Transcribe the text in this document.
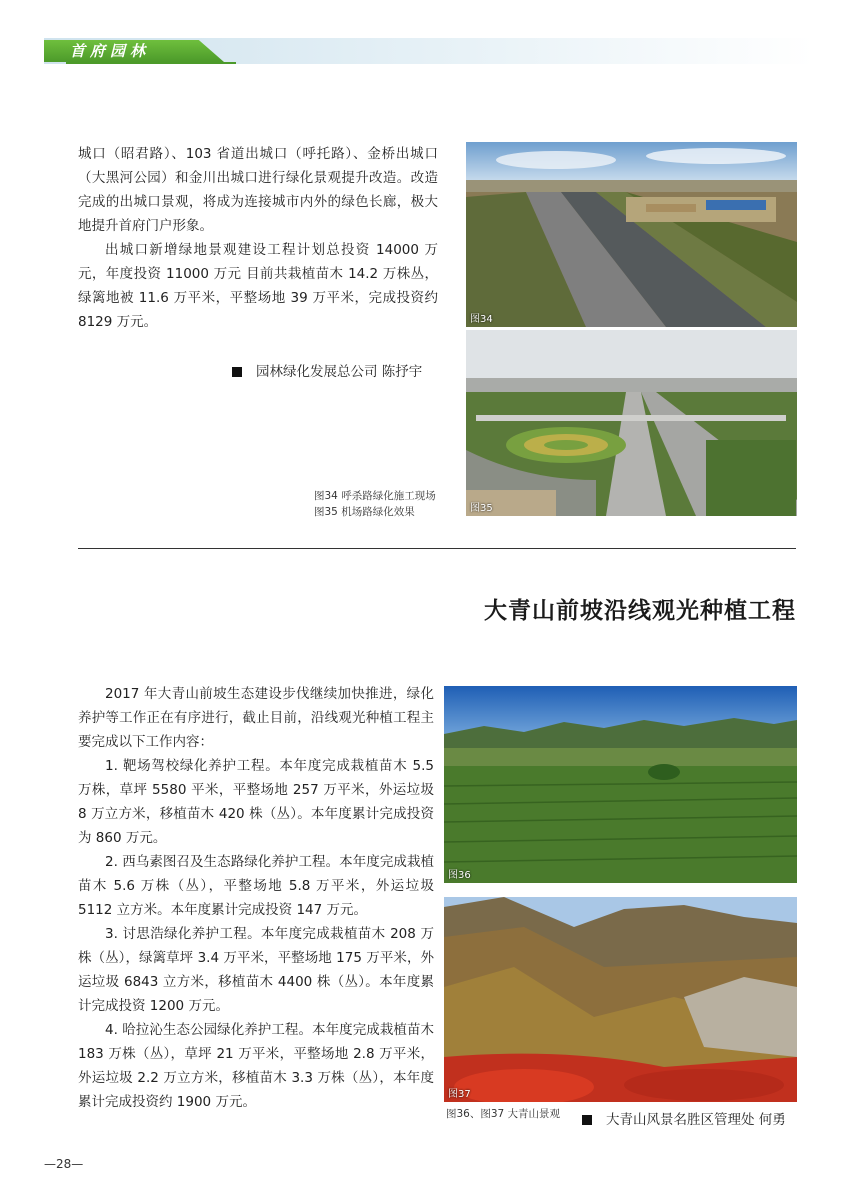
首府园林

城口（昭君路）、103 省道出城口（呼托路）、金桥出城口（大黑河公园）和金川出城口进行绿化景观提升改造。改造完成的出城口景观，将成为连接城市内外的绿色长廊，极大地提升首府门户形象。

出城口新增绿地景观建设工程计划总投资 14000 万元，年度投资 11000 万元 目前共栽植苗木 14.2 万株丛，绿篱地被 11.6 万平米，平整场地 39 万平米，完成投资约 8129 万元。

园林绿化发展总公司 陈抒宇
图34
图35
图34 呼杀路绿化施工现场
图35 机场路绿化效果
大青山前坡沿线观光种植工程

2017 年大青山前坡生态建设步伐继续加快推进，绿化养护等工作正在有序进行，截止目前，沿线观光种植工程主要完成以下工作内容：

1. 靶场驾校绿化养护工程。本年度完成栽植苗木 5.5 万株，草坪 5580 平米，平整场地 257 万平米，外运垃圾 8 万立方米，移植苗木 420 株（丛）。本年度累计完成投资为 860 万元。

2. 西乌素图召及生态路绿化养护工程。本年度完成栽植苗木 5.6 万株（丛），平整场地 5.8 万平米，外运垃圾 5112 立方米。本年度累计完成投资 147 万元。

3. 讨思浩绿化养护工程。本年度完成栽植苗木 208 万株（丛），绿篱草坪 3.4 万平米，平整场地 175 万平米，外运垃圾 6843 立方米，移植苗木 4400 株（丛）。本年度累计完成投资 1200 万元。

4. 哈拉沁生态公园绿化养护工程。本年度完成栽植苗木 183 万株（丛），草坪 21 万平米，平整场地 2.8 万平米，外运垃圾 2.2 万立方米，移植苗木 3.3 万株（丛），本年度累计完成投资约 1900 万元。

图36
图37
图36、图37 大青山景观	大青山风景名胜区管理处 何勇
—28—
